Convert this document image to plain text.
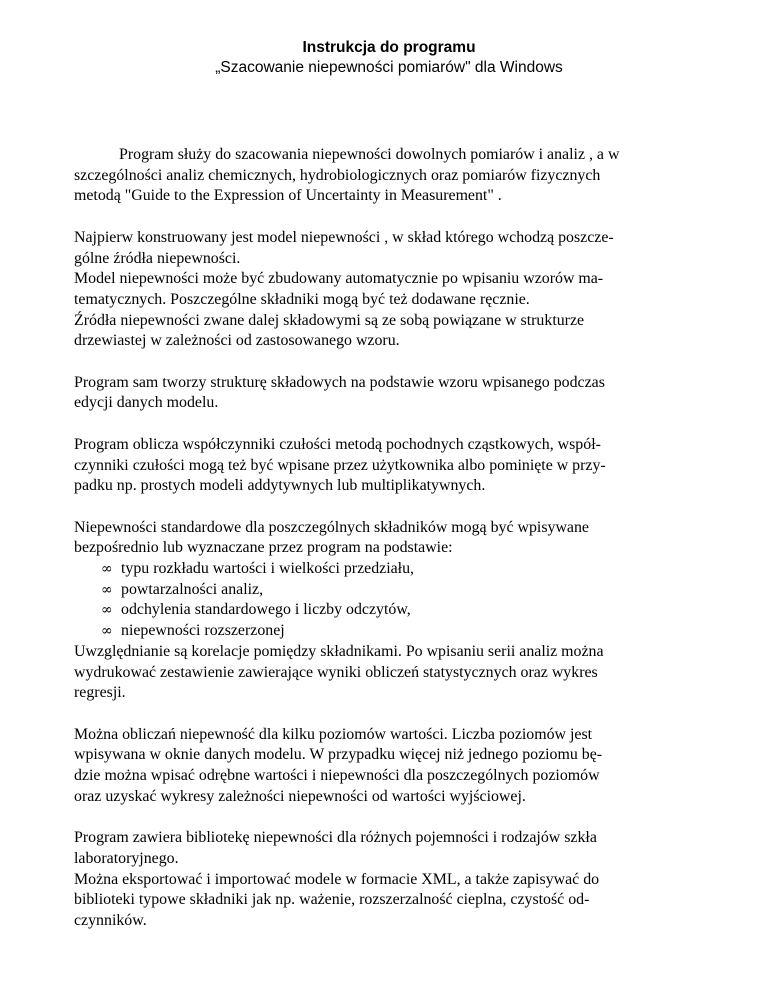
Instrukcja do programu
„Szacowanie niepewności pomiarów" dla Windows
Program służy do szacowania niepewności dowolnych pomiarów i analiz , a w
szczególności analiz chemicznych, hydrobiologicznych oraz pomiarów fizycznych
metodą "Guide to the Expression of Uncertainty in Measurement" .
Najpierw konstruowany jest model niepewności , w skład którego wchodzą poszcze-
gólne źródła niepewności.
Model niepewności może być zbudowany automatycznie po wpisaniu wzorów ma-
tematycznych. Poszczególne składniki mogą być też dodawane ręcznie.
Źródła niepewności zwane dalej składowymi są ze sobą powiązane w strukturze
drzewiastej w zależności od zastosowanego wzoru.
Program sam tworzy strukturę składowych na podstawie wzoru wpisanego podczas
edycji danych modelu.
Program oblicza współczynniki czułości metodą pochodnych cząstkowych, współ-
czynniki czułości mogą też być wpisane przez użytkownika albo pominięte w przy-
padku np. prostych modeli addytywnych lub multiplikatywnych.
Niepewności standardowe dla poszczególnych składników mogą być wpisywane
bezpośrednio lub wyznaczane przez program na podstawie:
∞ typu rozkładu wartości i wielkości przedziału,
∞ powtarzalności analiz,
∞ odchylenia standardowego i liczby odczytów,
∞ niepewności rozszerzonej
Uwzględnianie są korelacje pomiędzy składnikami. Po wpisaniu serii analiz można
wydrukować zestawienie zawierające wyniki obliczeń statystycznych oraz wykres
regresji.
Można obliczań niepewność dla kilku poziomów wartości. Liczba poziomów jest
wpisywana w oknie danych modelu. W przypadku więcej niż jednego poziomu bę-
dzie można wpisać odrębne wartości i niepewności dla poszczególnych poziomów
oraz uzyskać wykresy zależności niepewności od wartości wyjściowej.
Program zawiera bibliotekę niepewności dla różnych pojemności i rodzajów szkła
laboratoryjnego.
Można eksportować i importować modele w formacie XML, a także zapisywać do
biblioteki typowe składniki jak np. ważenie, rozszerzalność cieplna, czystość od-
czynników.
